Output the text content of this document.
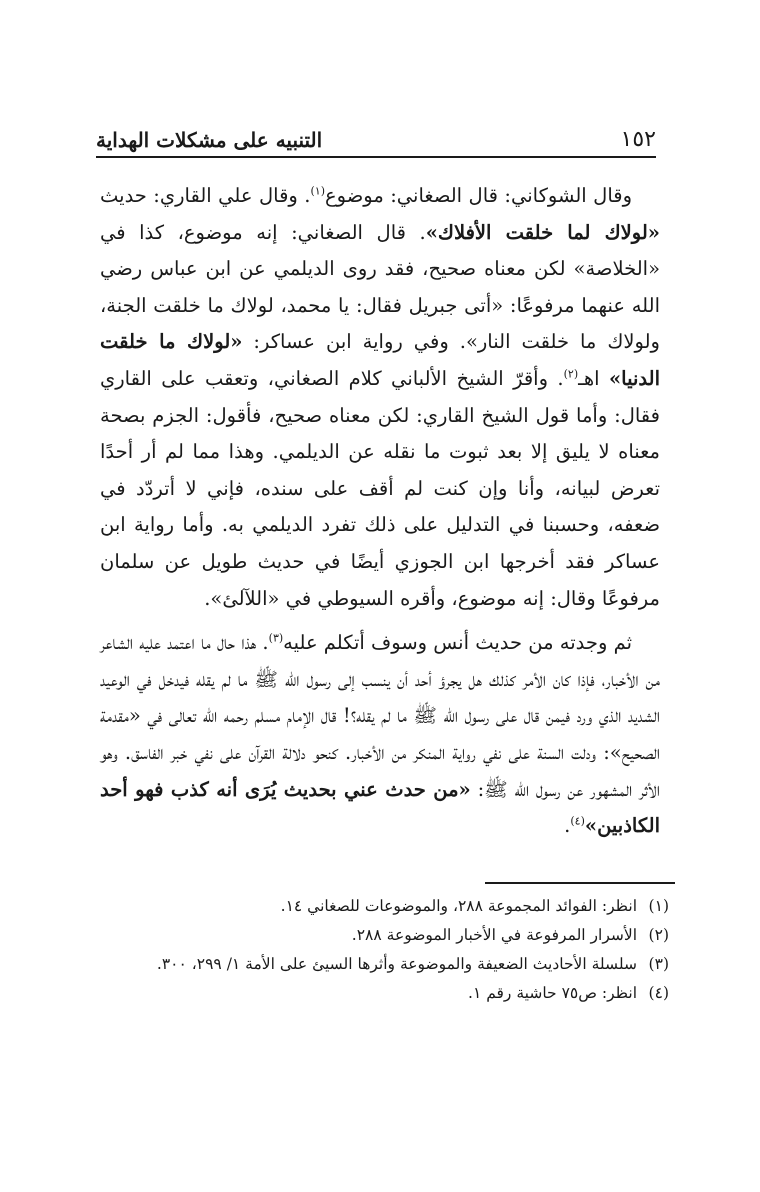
١٥٢
التنبيه على مشكلات الهداية

وقال الشوكاني: قال الصغاني: موضوع$^{(١)}$. وقال علي القاري: حديث «لولاك لما خلقت الأفلاك». قال الصغاني: إنه موضوع، كذا في «الخلاصة» لكن معناه صحيح، فقد روى الديلمي عن ابن عباس رضي الله عنهما مرفوعًا: «أتى جبريل فقال: يا محمد، لولاك ما خلقت الجنة، ولولاك ما خلقت النار». وفي رواية ابن عساكر: «لولاك ما خلقت الدنيا» اهـ$^{(٢)}$. وأقرّ الشيخ الألباني كلام الصغاني، وتعقب على القاري فقال: وأما قول الشيخ القاري: لكن معناه صحيح، فأقول: الجزم بصحة معناه لا يليق إلا بعد ثبوت ما نقله عن الديلمي. وهذا مما لم أر أحدًا تعرض لبيانه، وأنا وإن كنت لم أقف على سنده، فإني لا أتردّد في ضعفه، وحسبنا في التدليل على ذلك تفرد الديلمي به. وأما رواية ابن عساكر فقد أخرجها ابن الجوزي أيضًا في حديث طويل عن سلمان مرفوعًا وقال: إنه موضوع، وأقره السيوطي في «اللآلئ».

ثم وجدته من حديث أنس وسوف أتكلم عليه$^{(٣)}$. هذا حال ما اعتمد عليه الشاعر من الأخبار، فإذا كان الأمر كذلك هل يجرؤ أحد أن ينسب إلى رسول الله ﷺ ما لم يقله فيدخل في الوعيد الشديد الذي ورد فيمن قال على رسول الله ﷺ ما لم يقله؟! قال الإمام مسلم رحمه الله تعالى في «مقدمة الصحيح»: ودلت السنة على نفي رواية المنكر من الأخبار. كنحو دلالة القرآن على نفي خبر الفاسق. وهو الأثر المشهور عن رسول الله ﷺ: «من حدث عني بحديث يُرَى أنه كذب فهو أحد الكاذبين»$^{(٤)}$.

(١)انظر: الفوائد المجموعة ٢٨٨، والموضوعات للصغاني ١٤.

(٢)الأسرار المرفوعة في الأخبار الموضوعة ٢٨٨.

(٣)سلسلة الأحاديث الضعيفة والموضوعة وأثرها السيئ على الأمة ١/ ٢٩٩، ٣٠٠.

(٤)انظر: ص٧٥ حاشية رقم ١.
